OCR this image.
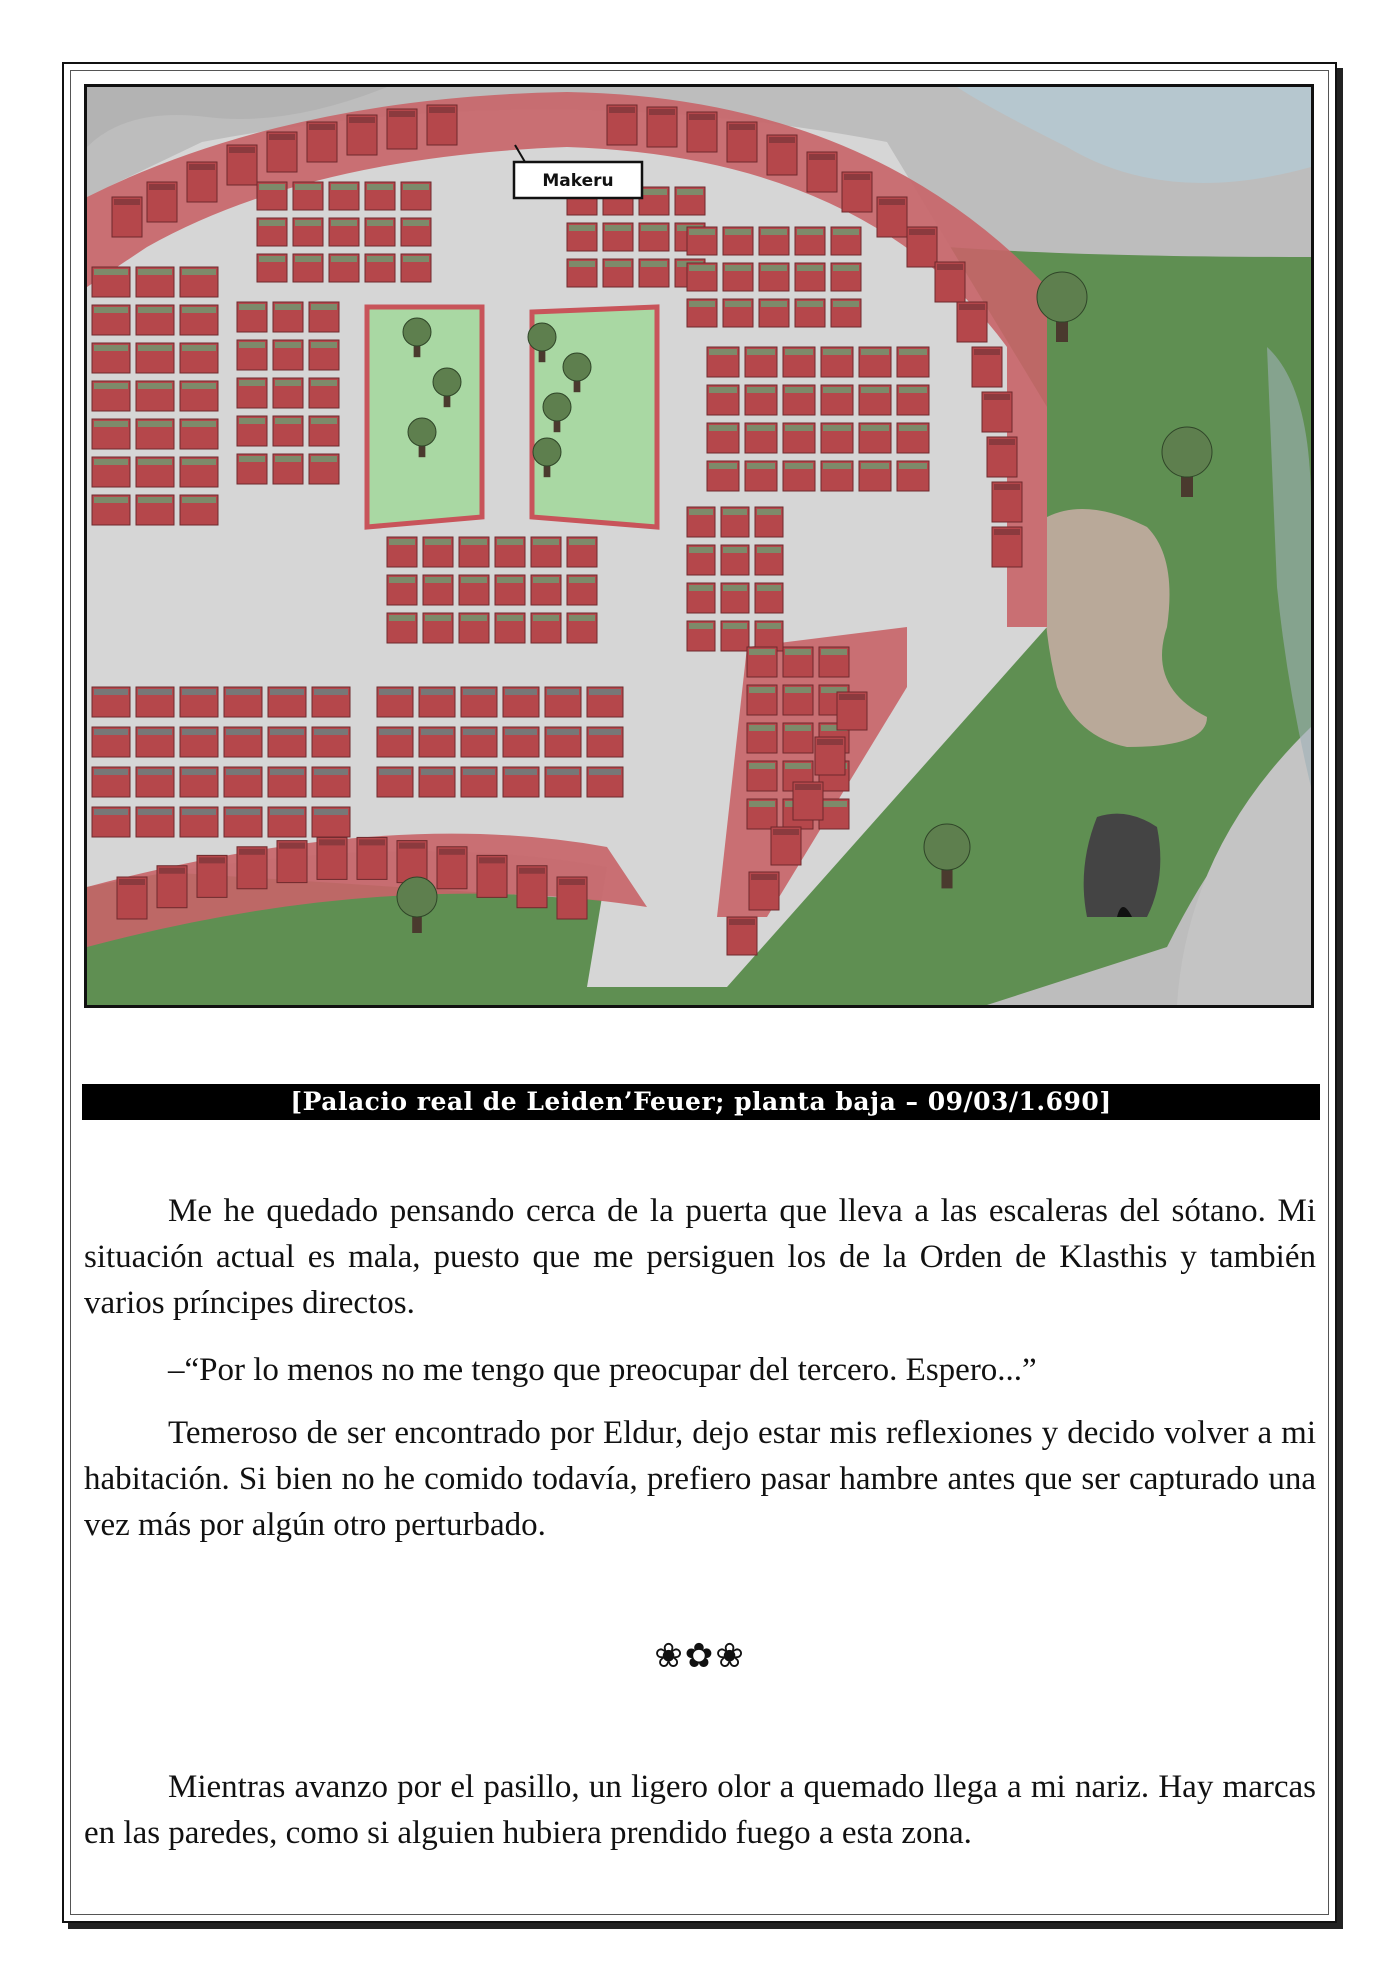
Makeru
[Palacio real de Leiden’Feuer; planta baja – 09/03/1.690]

Me he quedado pensando cerca de la puerta que lleva a las escaleras del sótano. Mi situación actual es mala, puesto que me persiguen los de la Orden de Klasthis y también varios príncipes directos.

–“Por lo menos no me tengo que preocupar del tercero. Espero...”

Temeroso de ser encontrado por Eldur, dejo estar mis reflexiones y decido volver a mi habitación. Si bien no he comido todavía, prefiero pasar hambre antes que ser capturado una vez más por algún otro perturbado.

❀✿❀

Mientras avanzo por el pasillo, un ligero olor a quemado llega a mi nariz. Hay marcas en las paredes, como si alguien hubiera prendido fuego a esta zona.
